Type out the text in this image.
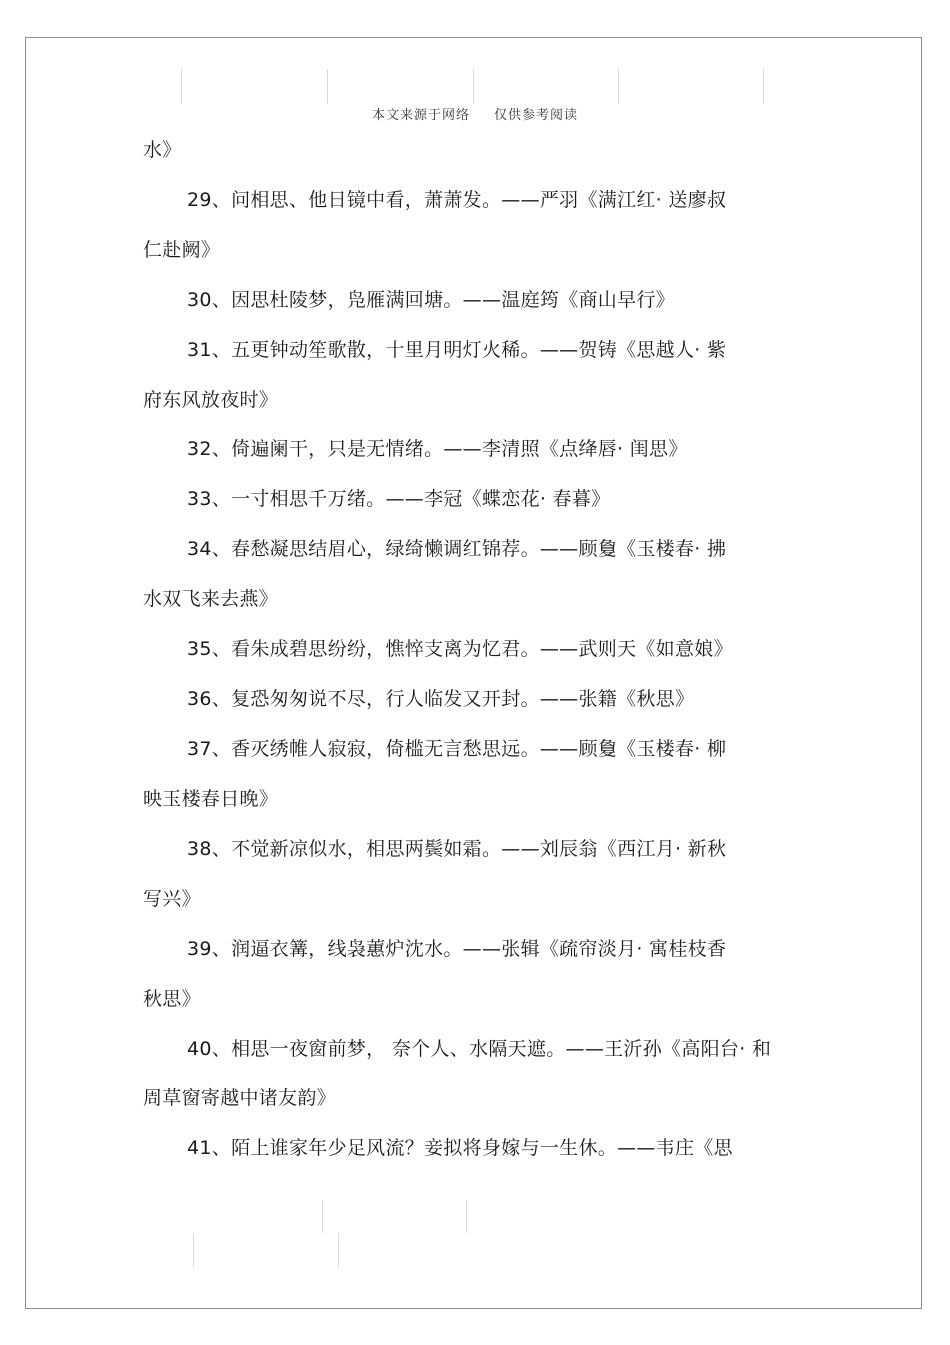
本文来源于网络 仅供参考阅读
水》
29、问相思、他日镜中看，萧萧发。——严羽《满江红· 送廖叔
仁赴阙》
30、因思杜陵梦，凫雁满回塘。——温庭筠《商山早行》
31、五更钟动笙歌散，十里月明灯火稀。——贺铸《思越人· 紫
府东风放夜时》
32、倚遍阑干，只是无情绪。——李清照《点绛唇· 闺思》
33、一寸相思千万绪。——李冠《蝶恋花· 春暮》
34、春愁凝思结眉心，绿绮懒调红锦荐。——顾敻《玉楼春· 拂
水双飞来去燕》
35、看朱成碧思纷纷，憔悴支离为忆君。——武则天《如意娘》
36、复恐匆匆说不尽，行人临发又开封。——张籍《秋思》
37、香灭绣帷人寂寂，倚槛无言愁思远。——顾敻《玉楼春· 柳
映玉楼春日晚》
38、不觉新凉似水，相思两鬓如霜。——刘辰翁《西江月· 新秋
写兴》
39、润逼衣篝，线袅蕙炉沈水。——张辑《疏帘淡月· 寓桂枝香
秋思》
40、相思一夜窗前梦， 奈个人、水隔天遮。——王沂孙《高阳台· 和
周草窗寄越中诸友韵》
41、陌上谁家年少足风流？妾拟将身嫁与一生休。——韦庄《思
